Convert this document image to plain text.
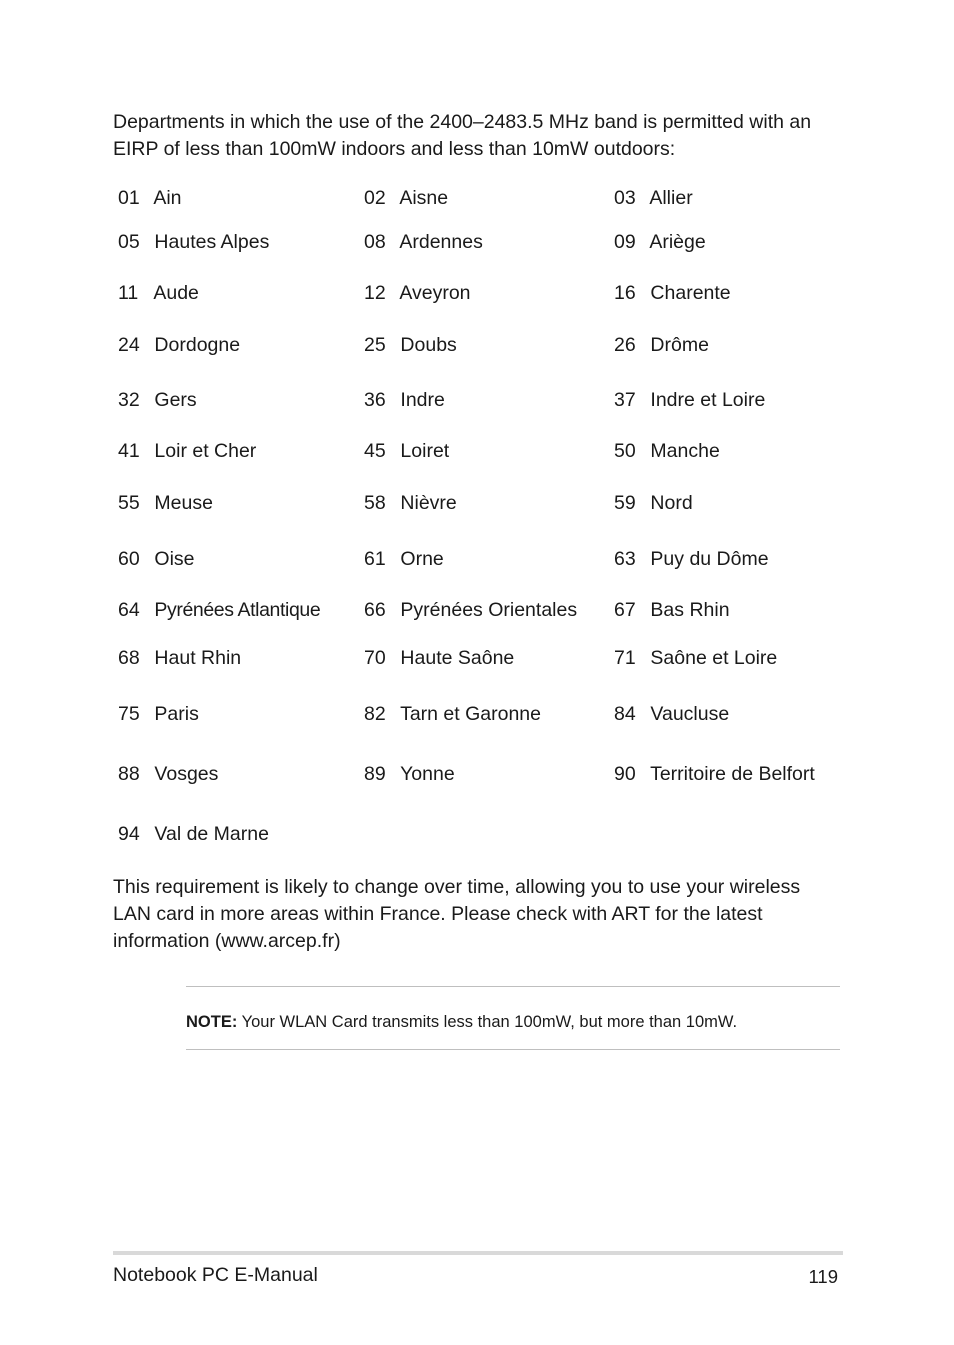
Departments in which the use of the 2400–2483.5 MHz band is permitted with an EIRP of less than 100mW indoors and less than 10mW outdoors:

01 Ain	02 Aisne	03 Allier
05 Hautes Alpes	08 Ardennes	09 Ariège
11 Aude	12 Aveyron	16 Charente
24 Dordogne	25 Doubs	26 Drôme
32 Gers	36 Indre	37 Indre et Loire
41 Loir et Cher	45 Loiret	50 Manche
55 Meuse	58 Nièvre	59 Nord
60 Oise	61 Orne	63 Puy du Dôme
64 Pyrénées Atlantique 66 Pyrénées Orientales 67 Bas Rhin
68 Haut Rhin	70 Haute Saône	71 Saône et Loire
75 Paris	82 Tarn et Garonne	84 Vaucluse
88 Vosges	89 Yonne	90 Territoire de Belfort
94 Val de Marne

This requirement is likely to change over time, allowing you to use your wireless LAN card in more areas within France. Please check with ART for the latest information (www.arcep.fr)

NOTE: Your WLAN Card transmits less than 100mW, but more than 10mW.
Notebook PC E-Manual	119
